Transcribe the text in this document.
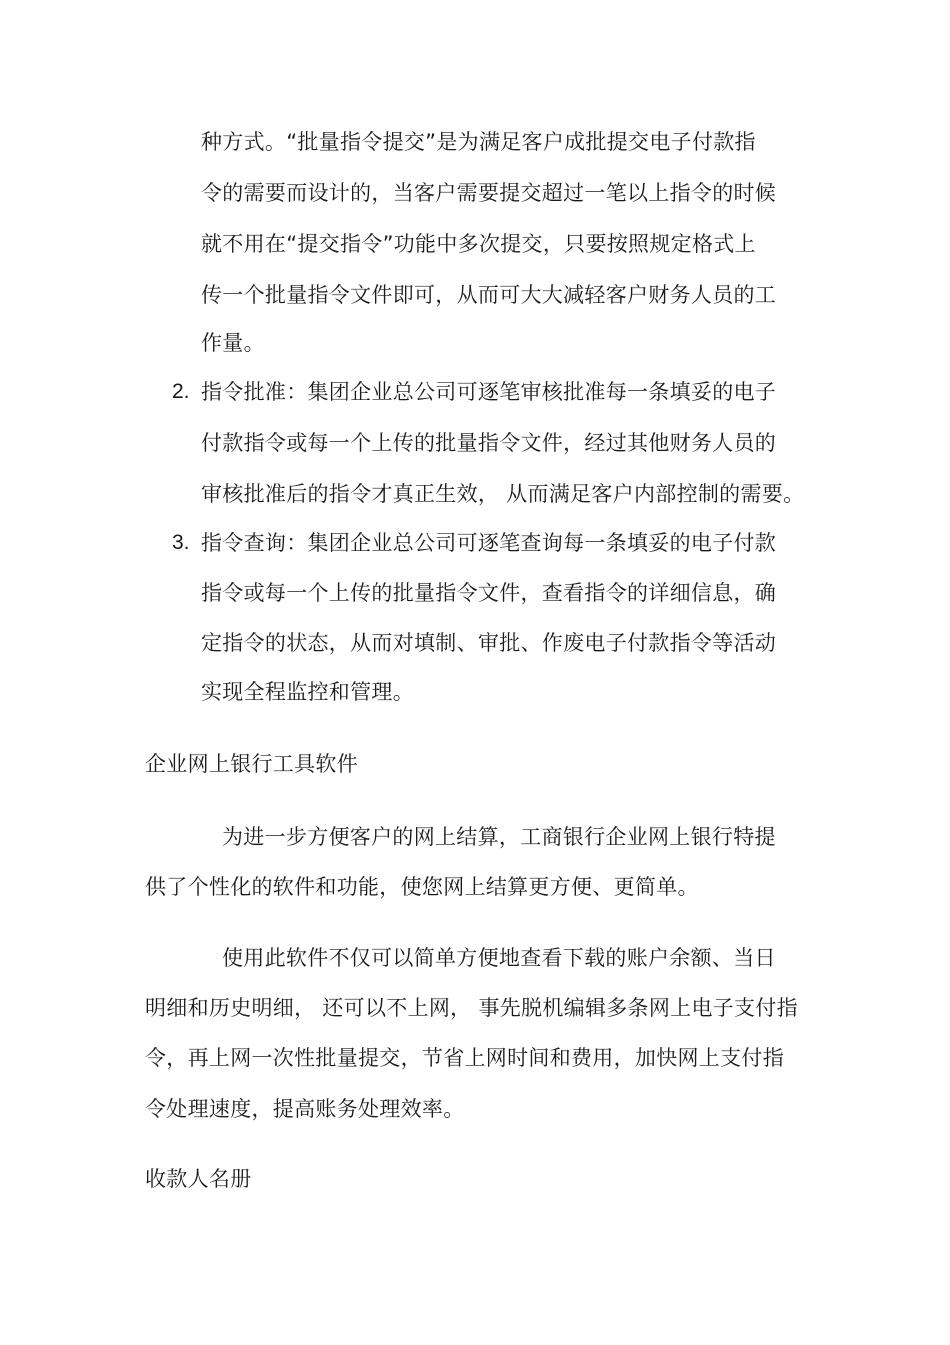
种方式。“批量指令提交”是为满足客户成批提交电子付款指
令的需要而设计的，当客户需要提交超过一笔以上指令的时候
就不用在“提交指令”功能中多次提交，只要按照规定格式上
传一个批量指令文件即可，从而可大大减轻客户财务人员的工
作量。
2. 指令批准：集团企业总公司可逐笔审核批准每一条填妥的电子
付款指令或每一个上传的批量指令文件，经过其他财务人员的
审核批准后的指令才真正生效， 从而满足客户内部控制的需要。
3. 指令查询：集团企业总公司可逐笔查询每一条填妥的电子付款
指令或每一个上传的批量指令文件，查看指令的详细信息，确
定指令的状态，从而对填制、审批、作废电子付款指令等活动
实现全程监控和管理。
企业网上银行工具软件
为进一步方便客户的网上结算，工商银行企业网上银行特提
供了个性化的软件和功能，使您网上结算更方便、更简单。
使用此软件不仅可以简单方便地查看下载的账户余额、当日
明细和历史明细， 还可以不上网， 事先脱机编辑多条网上电子支付指
令，再上网一次性批量提交，节省上网时间和费用，加快网上支付指
令处理速度，提高账务处理效率。
收款人名册
